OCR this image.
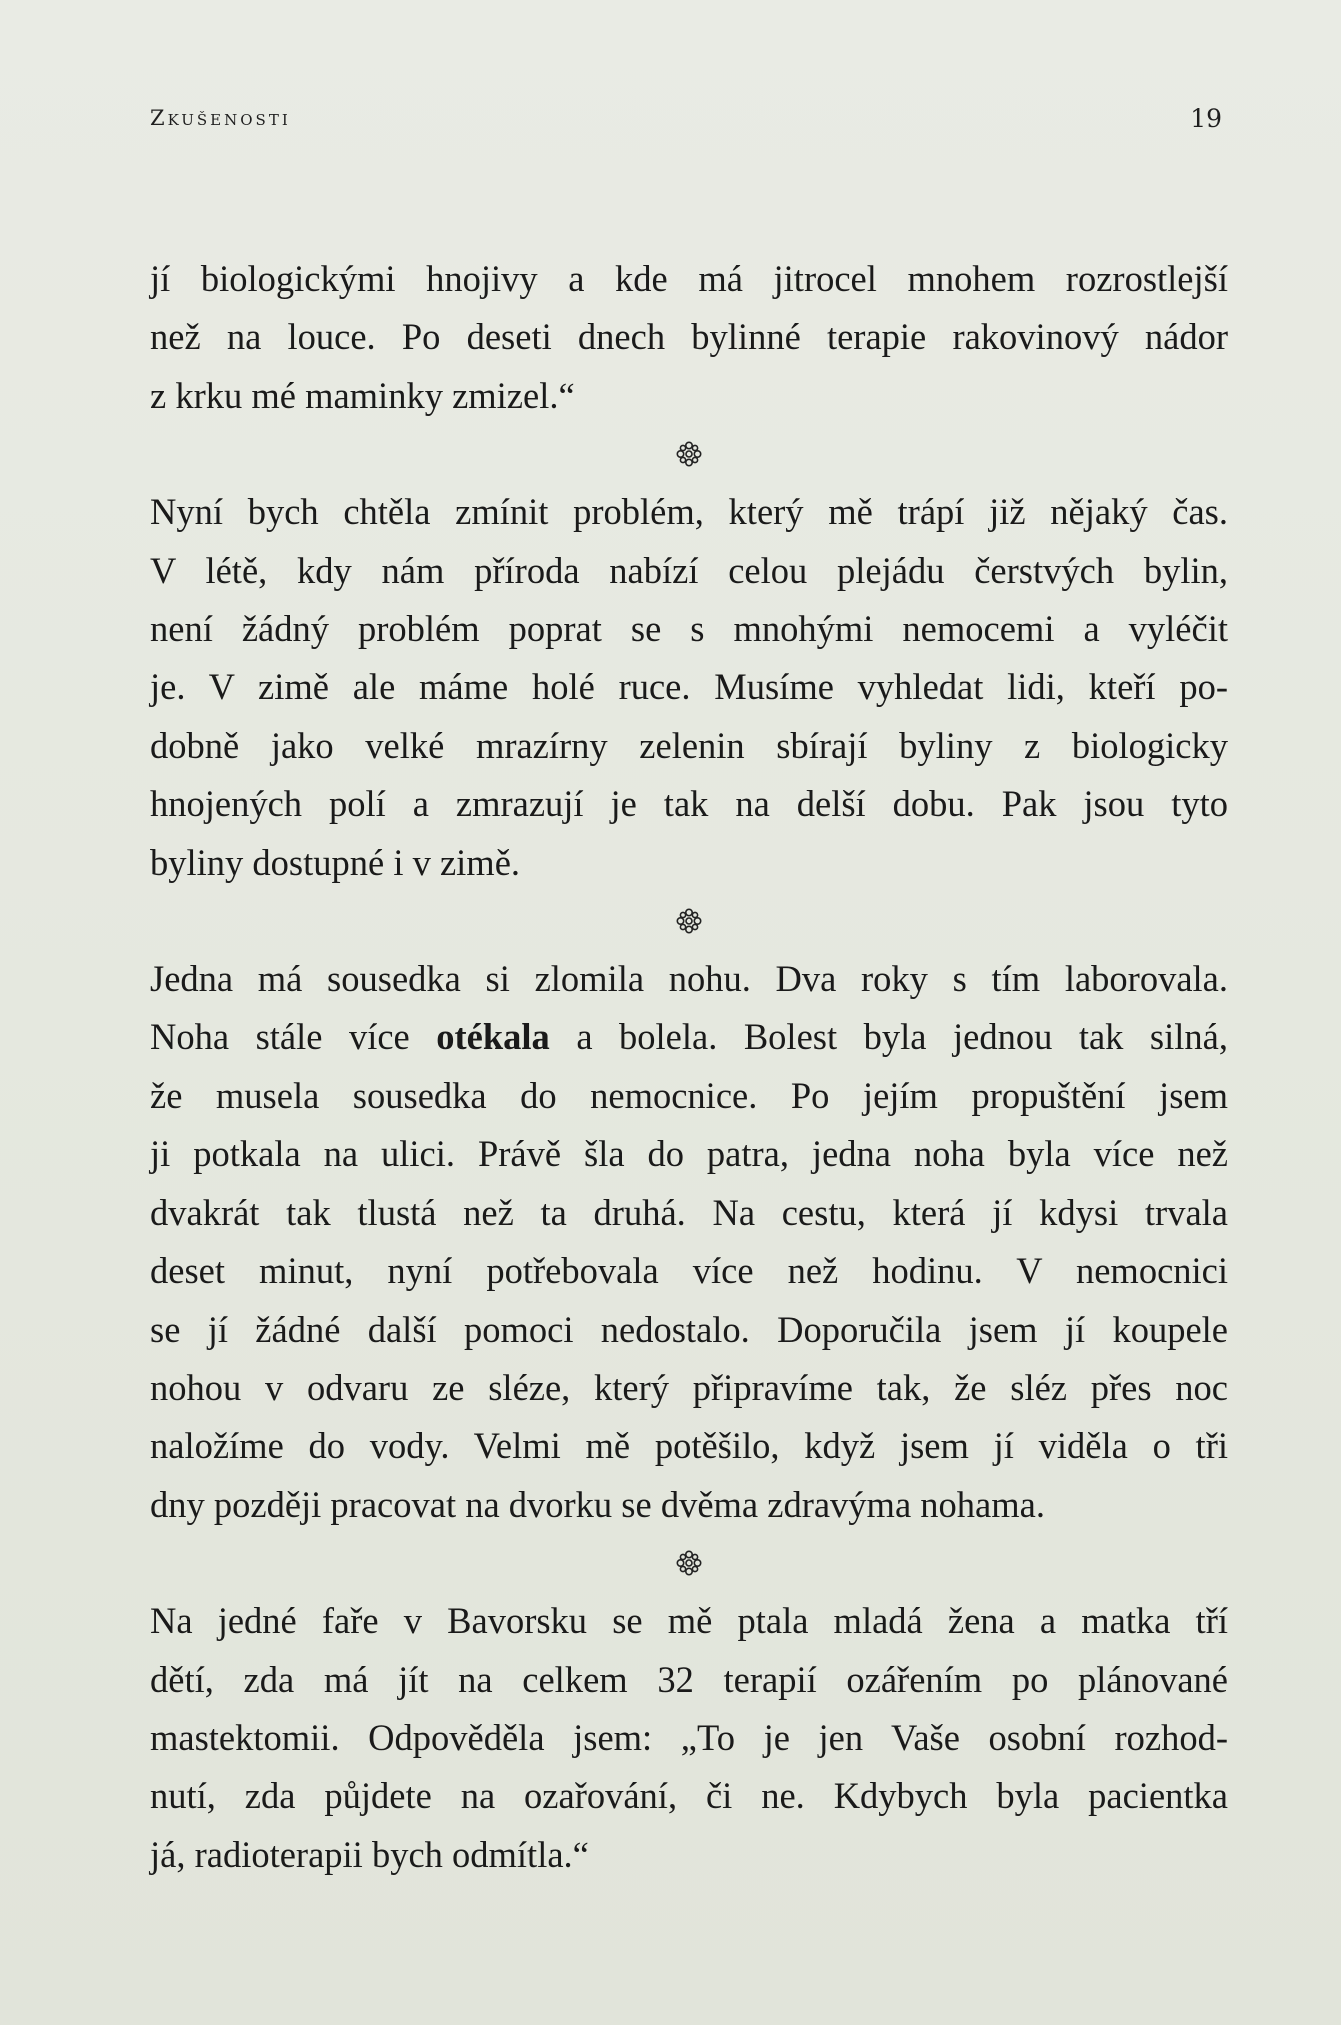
Zkušenosti	19
jí biologickými hnojivy a kde má jitrocel mnohem rozrostlejší
než na louce. Po deseti dnech bylinné terapie rakovinový nádor
z krku mé maminky zmizel.“
Nyní bych chtěla zmínit problém, který mě trápí již nějaký čas.
V létě, kdy nám příroda nabízí celou plejádu čerstvých bylin,
není žádný problém poprat se s mnohými nemocemi a vyléčit
je. V zimě ale máme holé ruce. Musíme vyhledat lidi, kteří po-
dobně jako velké mrazírny zelenin sbírají byliny z biologicky
hnojených polí a zmrazují je tak na delší dobu. Pak jsou tyto
byliny dostupné i v zimě.
Jedna má sousedka si zlomila nohu. Dva roky s tím laborovala.
Noha stále více otékala a bolela. Bolest byla jednou tak silná,
že musela sousedka do nemocnice. Po jejím propuštění jsem
ji potkala na ulici. Právě šla do patra, jedna noha byla více než
dvakrát tak tlustá než ta druhá. Na cestu, která jí kdysi trvala
deset minut, nyní potřebovala více než hodinu. V nemocnici
se jí žádné další pomoci nedostalo. Doporučila jsem jí koupele
nohou v odvaru ze sléze, který připravíme tak, že sléz přes noc
naložíme do vody. Velmi mě potěšilo, když jsem jí viděla o tři
dny později pracovat na dvorku se dvěma zdravýma nohama.
Na jedné faře v Bavorsku se mě ptala mladá žena a matka tří
dětí, zda má jít na celkem 32 terapií ozářením po plánované
mastektomii. Odpověděla jsem: „To je jen Vaše osobní rozhod-
nutí, zda půjdete na ozařování, či ne. Kdybych byla pacientka
já, radioterapii bych odmítla.“
